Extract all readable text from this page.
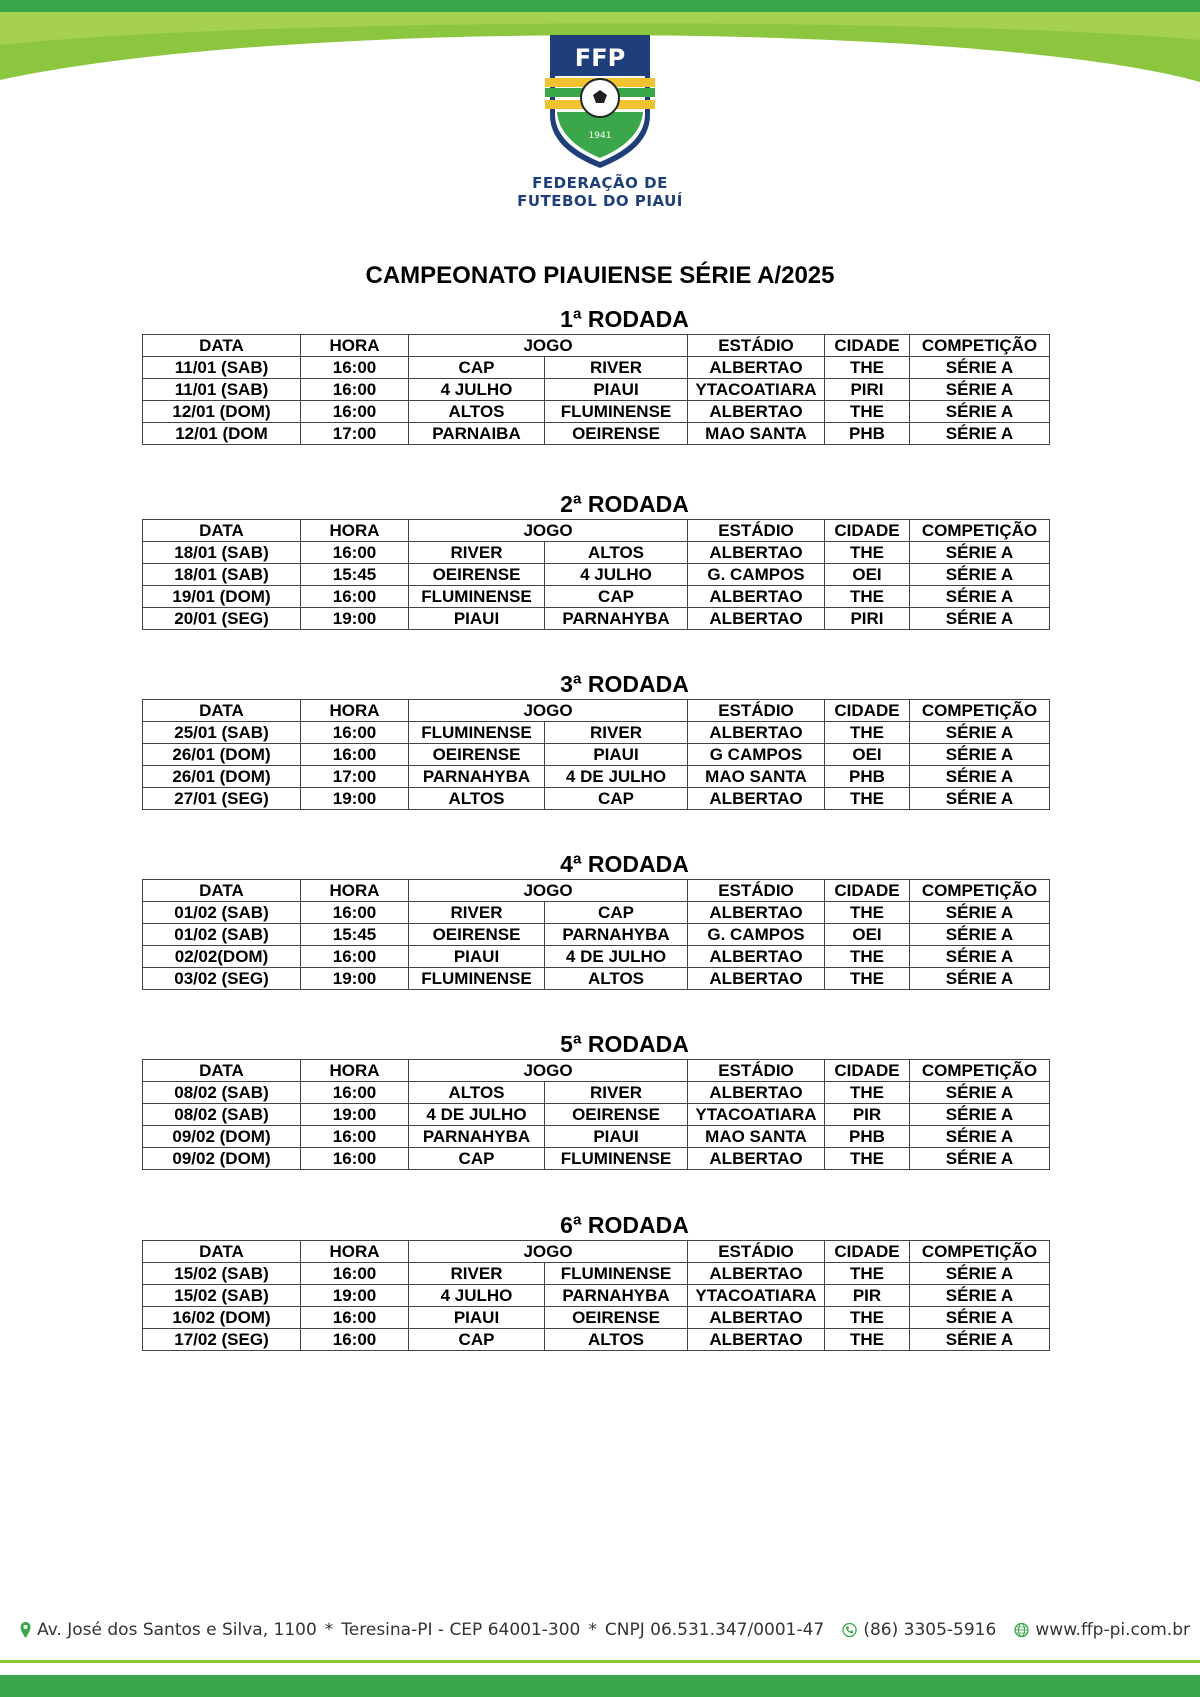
FFP
1941
FEDERAÇÃO DE
FUTEBOL DO PIAUÍ
CAMPEONATO PIAUIENSE SÉRIE A/2025
1ª RODADA
DATA	HORA	JOGO		ESTÁDIO	CIDADE	COMPETIÇÃO
11/01 (SAB)	16:00	CAP	RIVER	ALBERTAO	THE	SÉRIE A
11/01 (SAB)	16:00	4 JULHO	PIAUI	YTACOATIARA	PIRI	SÉRIE A
12/01 (DOM)	16:00	ALTOS	FLUMINENSE	ALBERTAO	THE	SÉRIE A
12/01 (DOM	17:00	PARNAIBA	OEIRENSE	MAO SANTA	PHB	SÉRIE A
2ª RODADA
DATA	HORA	JOGO		ESTÁDIO	CIDADE	COMPETIÇÃO
18/01 (SAB)	16:00	RIVER	ALTOS	ALBERTAO	THE	SÉRIE A
18/01 (SAB)	15:45	OEIRENSE	4 JULHO	G. CAMPOS	OEI	SÉRIE A
19/01 (DOM)	16:00	FLUMINENSE	CAP	ALBERTAO	THE	SÉRIE A
20/01 (SEG)	19:00	PIAUI	PARNAHYBA	ALBERTAO	PIRI	SÉRIE A
3ª RODADA
DATA	HORA	JOGO		ESTÁDIO	CIDADE	COMPETIÇÃO
25/01 (SAB)	16:00	FLUMINENSE	RIVER	ALBERTAO	THE	SÉRIE A
26/01 (DOM)	16:00	OEIRENSE	PIAUI	G CAMPOS	OEI	SÉRIE A
26/01 (DOM)	17:00	PARNAHYBA	4 DE JULHO	MAO SANTA	PHB	SÉRIE A
27/01 (SEG)	19:00	ALTOS	CAP	ALBERTAO	THE	SÉRIE A
4ª RODADA
DATA	HORA	JOGO		ESTÁDIO	CIDADE	COMPETIÇÃO
01/02 (SAB)	16:00	RIVER	CAP	ALBERTAO	THE	SÉRIE A
01/02 (SAB)	15:45	OEIRENSE	PARNAHYBA	G. CAMPOS	OEI	SÉRIE A
02/02(DOM)	16:00	PIAUI	4 DE JULHO	ALBERTAO	THE	SÉRIE A
03/02 (SEG)	19:00	FLUMINENSE	ALTOS	ALBERTAO	THE	SÉRIE A
5ª RODADA
DATA	HORA	JOGO		ESTÁDIO	CIDADE	COMPETIÇÃO
08/02 (SAB)	16:00	ALTOS	RIVER	ALBERTAO	THE	SÉRIE A
08/02 (SAB)	19:00	4 DE JULHO	OEIRENSE	YTACOATIARA	PIR	SÉRIE A
09/02 (DOM)	16:00	PARNAHYBA	PIAUI	MAO SANTA	PHB	SÉRIE A
09/02 (DOM)	16:00	CAP	FLUMINENSE	ALBERTAO	THE	SÉRIE A
6ª RODADA
DATA	HORA	JOGO		ESTÁDIO	CIDADE	COMPETIÇÃO
15/02 (SAB)	16:00	RIVER	FLUMINENSE	ALBERTAO	THE	SÉRIE A
15/02 (SAB)	19:00	4 JULHO	PARNAHYBA	YTACOATIARA	PIR	SÉRIE A
16/02 (DOM)	16:00	PIAUI	OEIRENSE	ALBERTAO	THE	SÉRIE A
17/02 (SEG)	16:00	CAP	ALTOS	ALBERTAO	THE	SÉRIE A
Av. José dos Santos e Silva, 1100 * Teresina-PI - CEP 64001-300 * CNPJ 06.531.347/0001-47 (86) 3305-5916 www.ffp-pi.com.br
